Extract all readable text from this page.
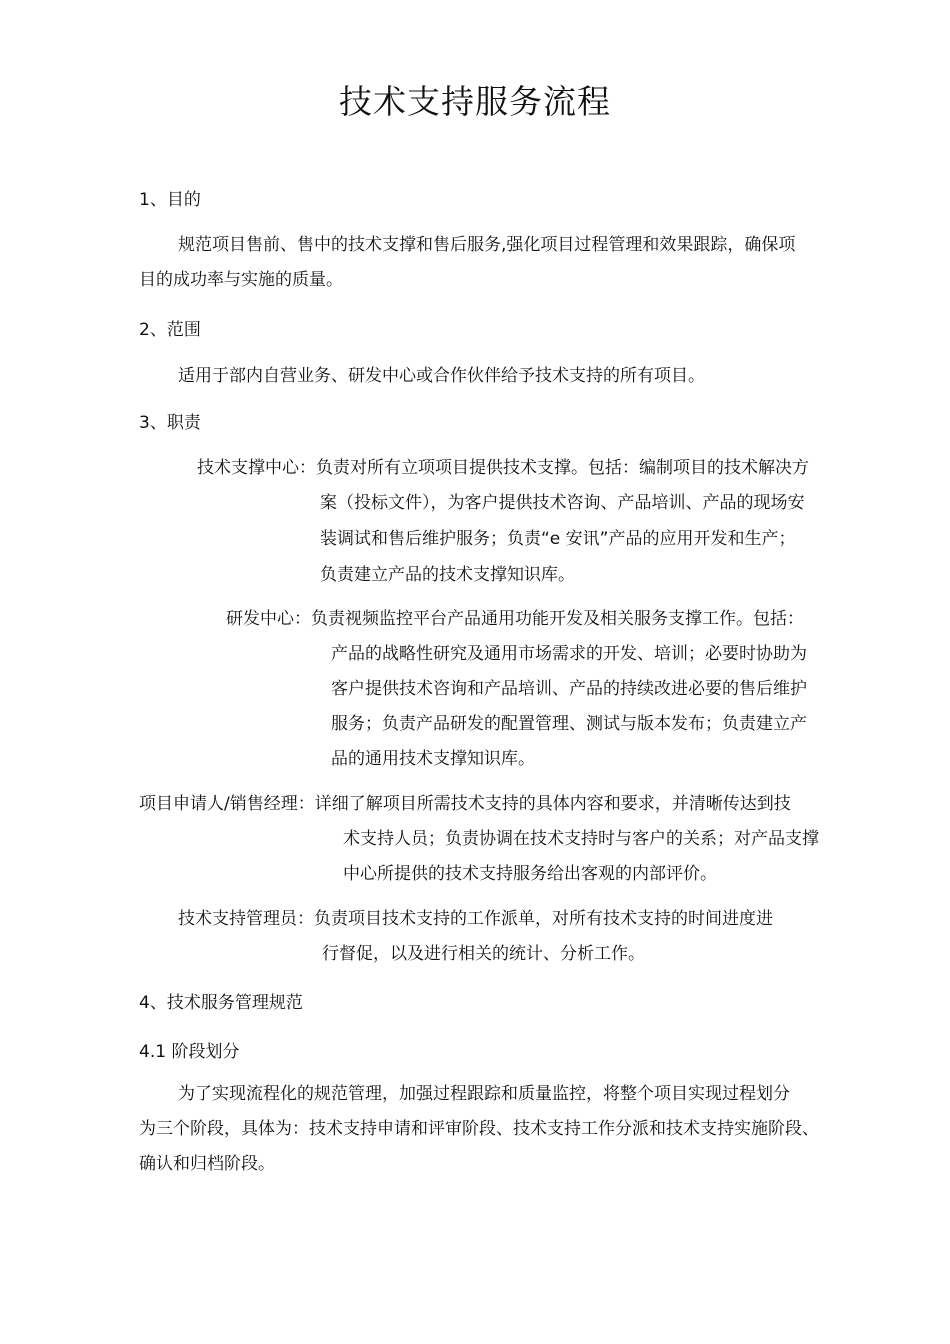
技术支持服务流程
1、目的
规范项目售前、售中的技术支撑和售后服务,强化项目过程管理和效果跟踪，确保项
目的成功率与实施的质量。
2、范围
适用于部内自营业务、研发中心或合作伙伴给予技术支持的所有项目。
3、职责
技术支撑中心：负责对所有立项项目提供技术支撑。包括：编制项目的技术解决方
案（投标文件），为客户提供技术咨询、产品培训、产品的现场安
装调试和售后维护服务；负责“e 安讯”产品的应用开发和生产；
负责建立产品的技术支撑知识库。
研发中心：负责视频监控平台产品通用功能开发及相关服务支撑工作。包括：
产品的战略性研究及通用市场需求的开发、培训；必要时协助为
客户提供技术咨询和产品培训、产品的持续改进必要的售后维护
服务；负责产品研发的配置管理、测试与版本发布；负责建立产
品的通用技术支撑知识库。
项目申请人/销售经理：详细了解项目所需技术支持的具体内容和要求，并清晰传达到技
术支持人员；负责协调在技术支持时与客户的关系；对产品支撑
中心所提供的技术支持服务给出客观的内部评价。
技术支持管理员：负责项目技术支持的工作派单，对所有技术支持的时间进度进
行督促，以及进行相关的统计、分析工作。
4、技术服务管理规范
4.1 阶段划分
为了实现流程化的规范管理，加强过程跟踪和质量监控，将整个项目实现过程划分
为三个阶段，具体为：技术支持申请和评审阶段、技术支持工作分派和技术支持实施阶段、
确认和归档阶段。
